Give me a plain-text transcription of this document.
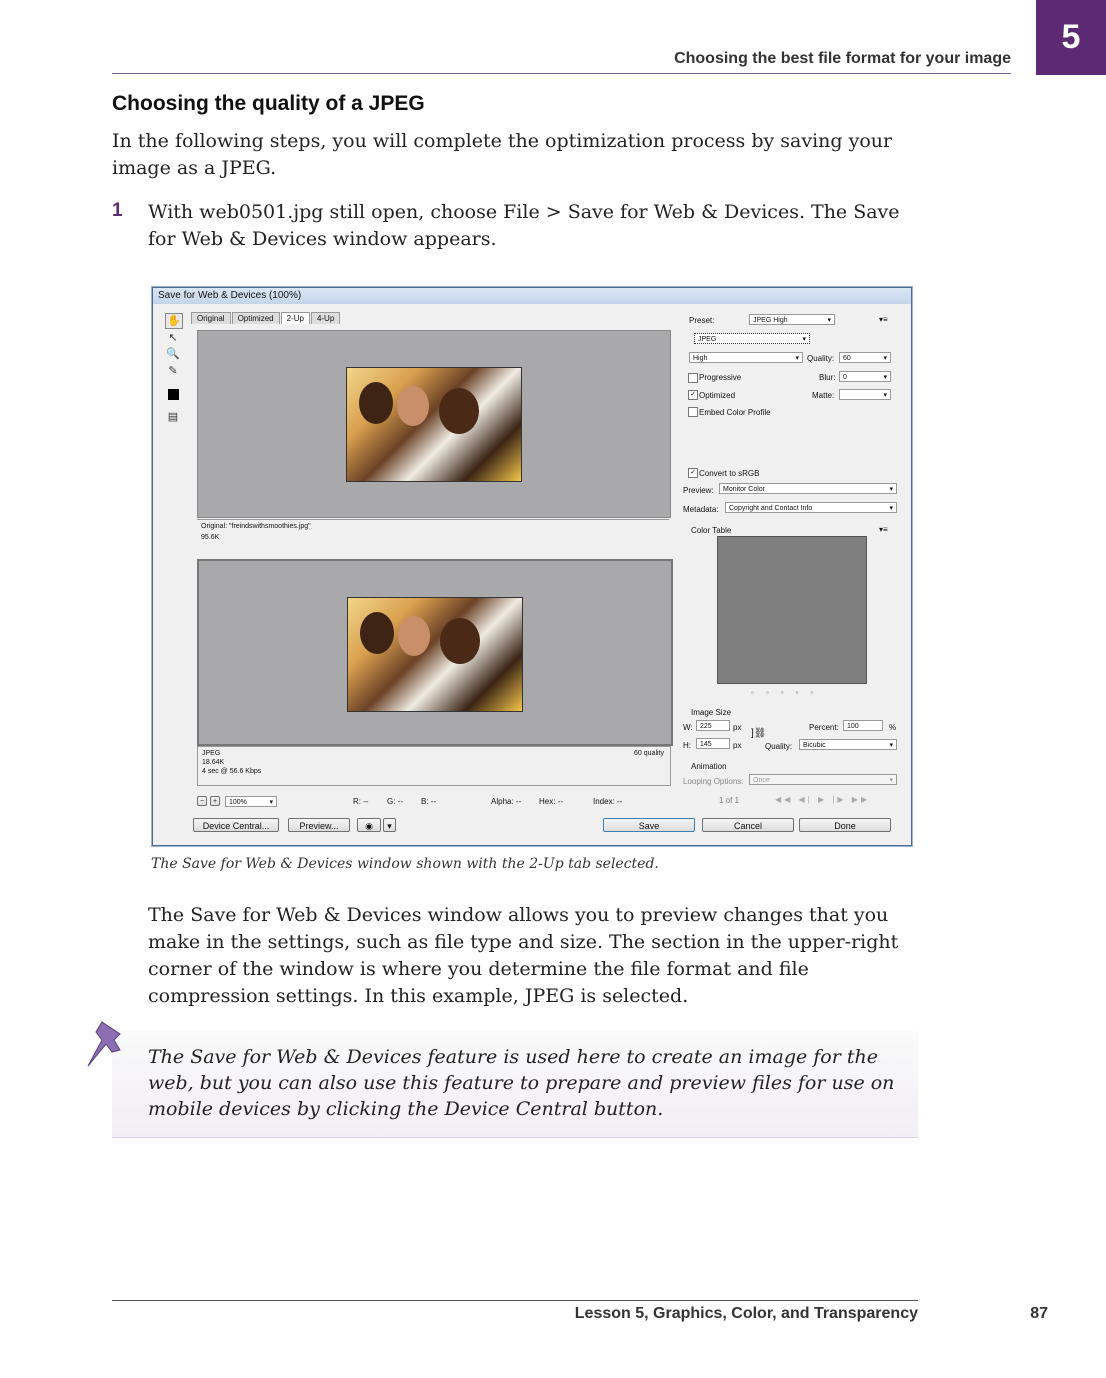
5
Choosing the best file format for your image
Choosing the quality of a JPEG
In the following steps, you will complete the optimization process by saving your image as a JPEG.
1 With web0501.jpg still open, choose File > Save for Web & Devices. The Save for Web & Devices window appears.
Save for Web & Devices (100%)
✋
↖
🔍
✎
▤
Original	Optimized	2-Up	4-Up
Original: "freindswithsmoothies.jpg"
95.6K
JPEG
18.64K
4 sec @ 56.6 Kbps
60 quality
−	+	100%	▾	R: -- G: -- B: --	Alpha: -- Hex: --	Index: --
Preset:	JPEG High	▾	▾≡
JPEG	▾
High	▾ Quality:	60	▾
Progressive	Blur:	0	▾
✓ Optimized	Matte:	▾
Embed Color Profile
✓ Convert to sRGB
Preview:	Monitor Color	▾
Metadata:	Copyright and Contact Info	▾
Color Table	▾≡
▫▫▫▫▫
Image Size
W:	225	px
H:	145	px
]⛓
Percent:	100	%
Quality:	Bicubic	▾
Animation
Looping Options:	Once	▾
1 of 1	◀◀ ◀| ▶ |▶ ▶▶
Device Central...	Preview...	◉	▾	Save	Cancel	Done
The Save for Web & Devices window shown with the 2-Up tab selected.
The Save for Web & Devices window allows you to preview changes that you make in the settings, such as file type and size. The section in the upper-right corner of the window is where you determine the file format and file compression settings. In this example, JPEG is selected.
The Save for Web & Devices feature is used here to create an image for the web, but you can also use this feature to prepare and preview files for use on mobile devices by clicking the Device Central button.
Lesson 5, Graphics, Color, and Transparency	87
